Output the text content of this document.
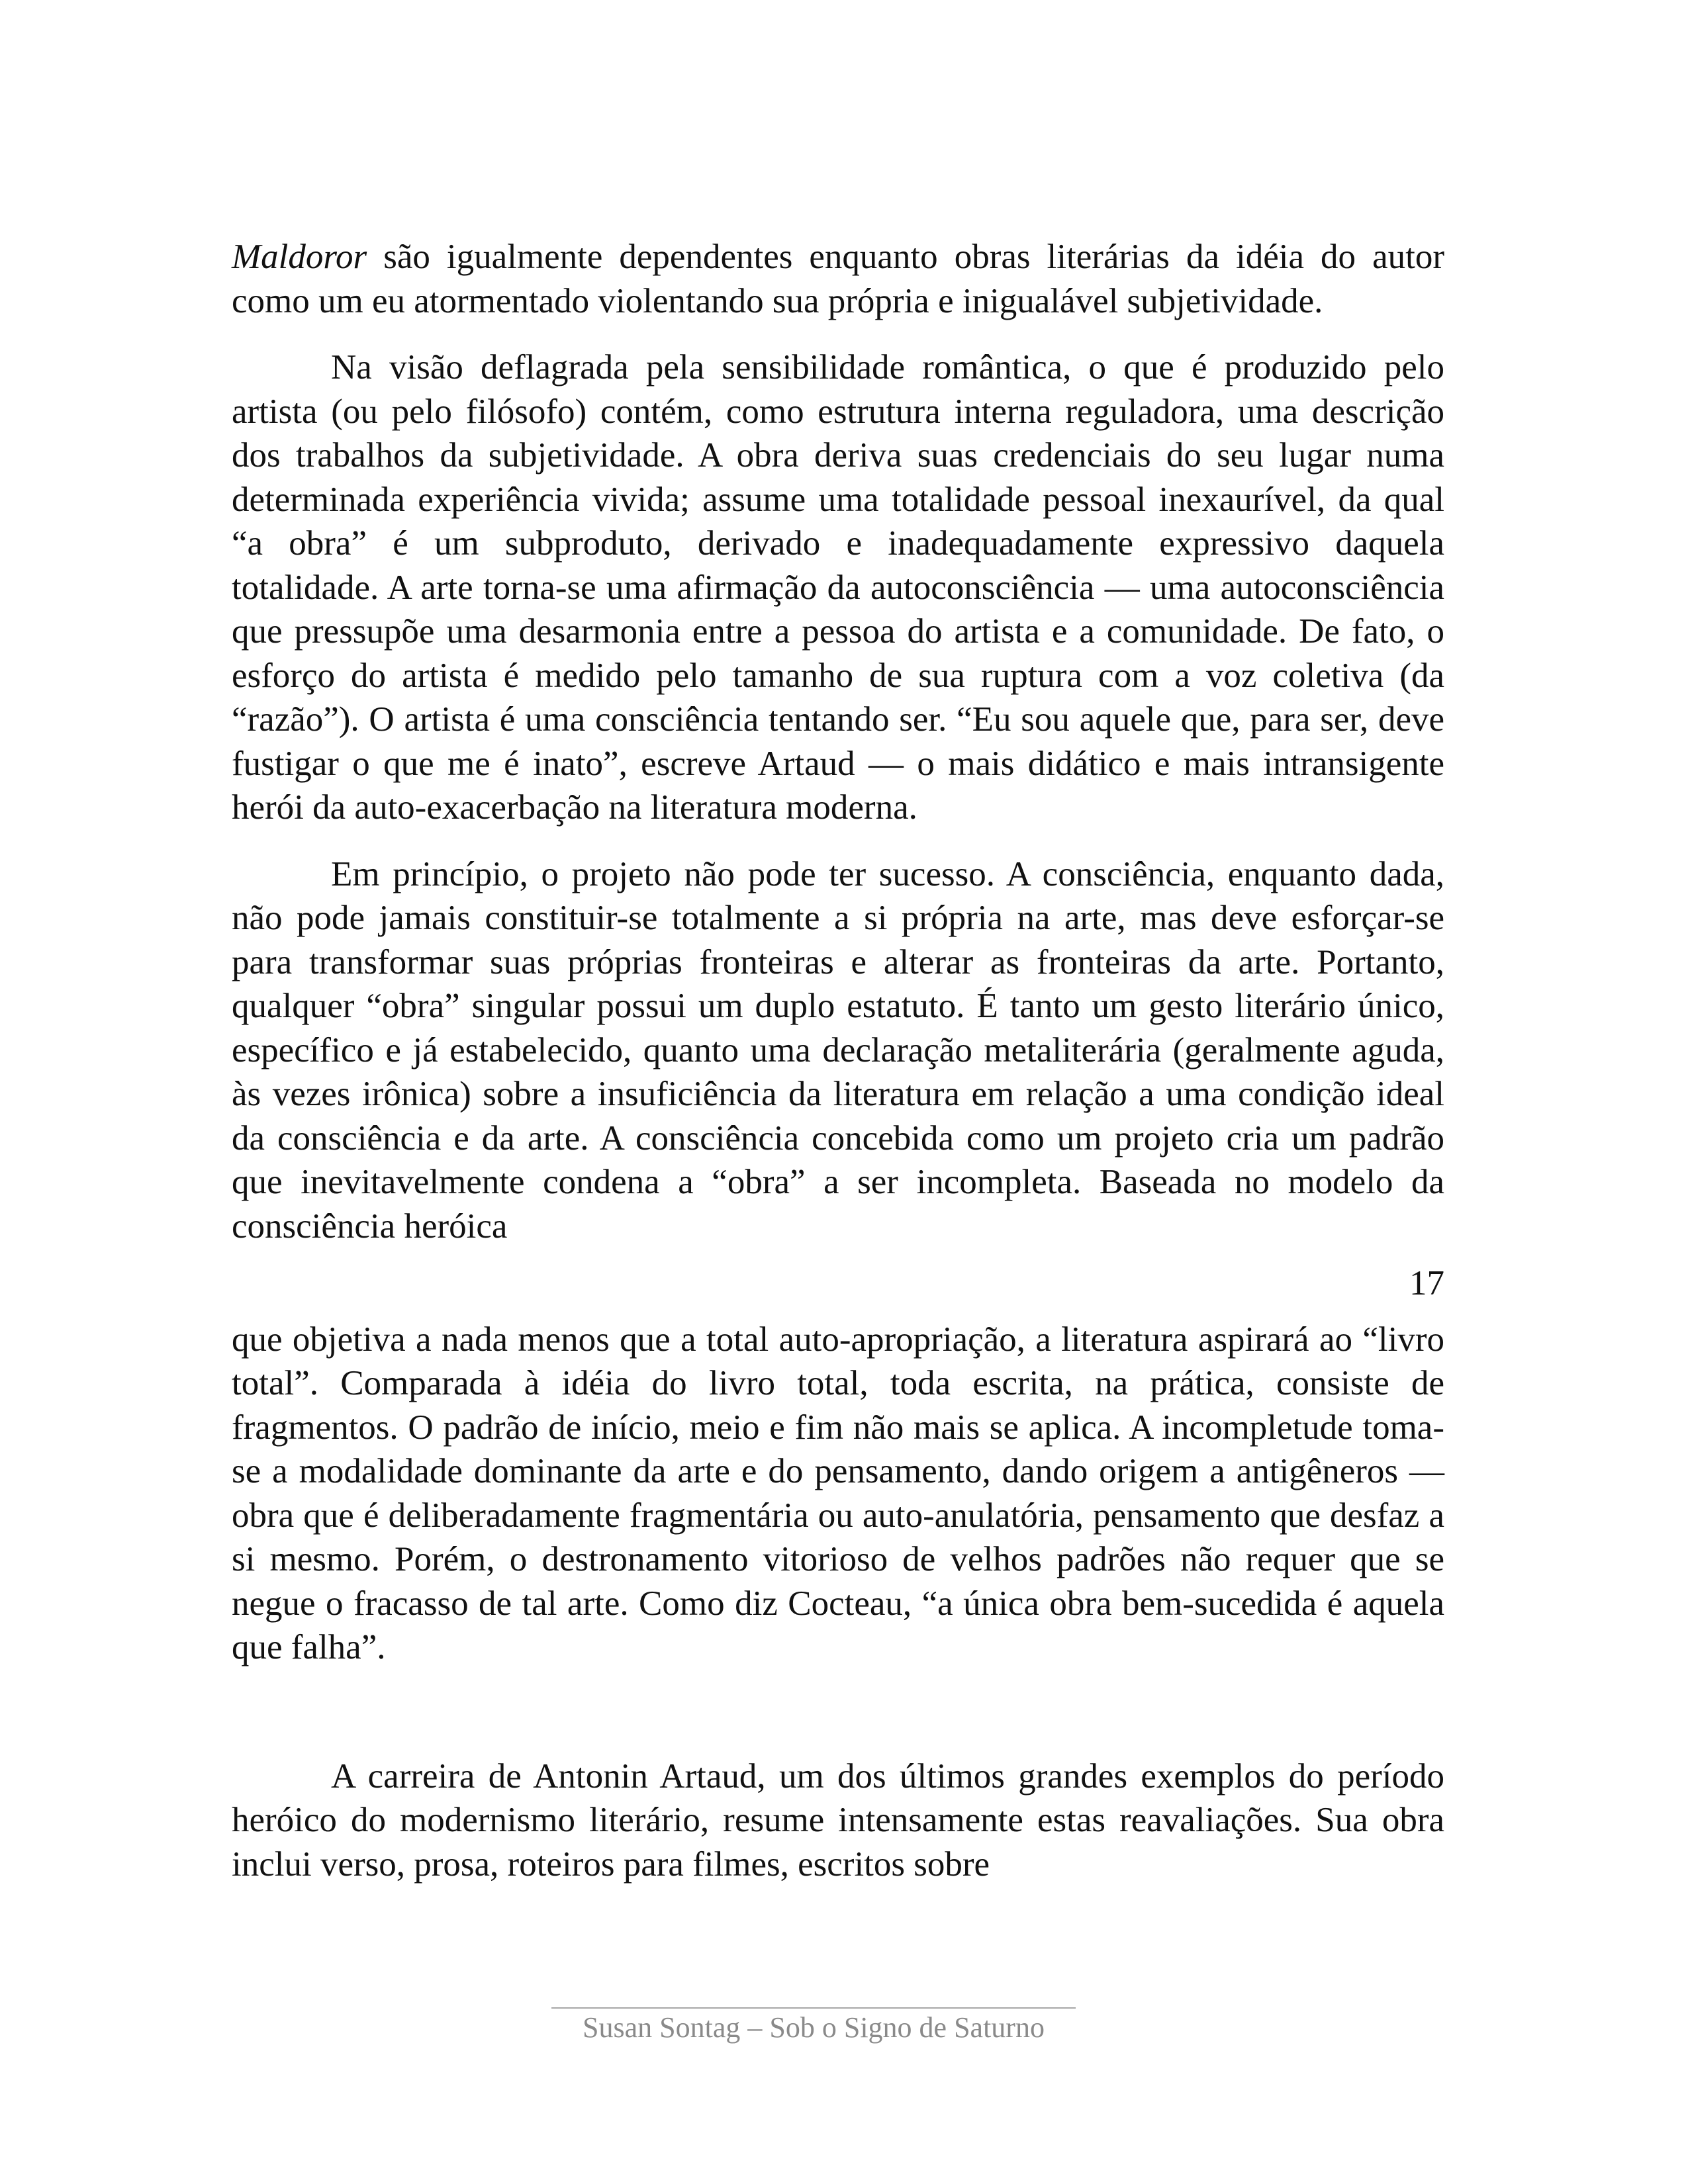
Maldoror são igualmente dependentes enquanto obras literárias da idéia do autor como um eu atormentado violentando sua própria e inigualável subjetividade.

Na visão deflagrada pela sensibilidade romântica, o que é produzido pelo artista (ou pelo filósofo) contém, como estrutura interna reguladora, uma descrição dos trabalhos da subjetividade. A obra deriva suas credenciais do seu lugar numa determinada experiência vivida; assume uma totalidade pessoal inexaurível, da qual “a obra” é um subproduto, derivado e inadequadamente expressivo daquela totalidade. A arte torna-se uma afirmação da autoconsciência — uma autoconsciência que pressupõe uma desarmonia entre a pessoa do artista e a comunidade. De fato, o esforço do artista é medido pelo tamanho de sua ruptura com a voz coletiva (da “razão”). O artista é uma consciência tentando ser. “Eu sou aquele que, para ser, deve fustigar o que me é inato”, escreve Artaud — o mais didático e mais intransigente herói da auto-exacerbação na literatura moderna.

Em princípio, o projeto não pode ter sucesso. A consciência, enquanto dada, não pode jamais constituir-se totalmente a si própria na arte, mas deve esforçar-se para transformar suas próprias fronteiras e alterar as fronteiras da arte. Portanto, qualquer “obra” singular possui um duplo estatuto. É tanto um gesto literário único, específico e já estabelecido, quanto uma declaração metaliterária (geralmente aguda, às vezes irônica) sobre a insuficiência da literatura em relação a uma condição ideal da consciência e da arte. A consciência concebida como um projeto cria um padrão que inevitavelmente condena a “obra” a ser incompleta. Baseada no modelo da consciência heróica

17

que objetiva a nada menos que a total auto-apropriação, a literatura aspirará ao “livro total”. Comparada à idéia do livro total, toda escrita, na prática, consiste de fragmentos. O padrão de início, meio e fim não mais se aplica. A incompletude toma-se a modalidade dominante da arte e do pensamento, dando origem a antigêneros — obra que é deliberadamente fragmentária ou auto-anulatória, pensamento que desfaz a si mesmo. Porém, o destronamento vitorioso de velhos padrões não requer que se negue o fracasso de tal arte. Como diz Cocteau, “a única obra bem-sucedida é aquela que falha”.

A carreira de Antonin Artaud, um dos últimos grandes exemplos do período heróico do modernismo literário, resume intensamente estas reavaliações. Sua obra inclui verso, prosa, roteiros para filmes, escritos sobre

Susan Sontag – Sob o Signo de Saturno
